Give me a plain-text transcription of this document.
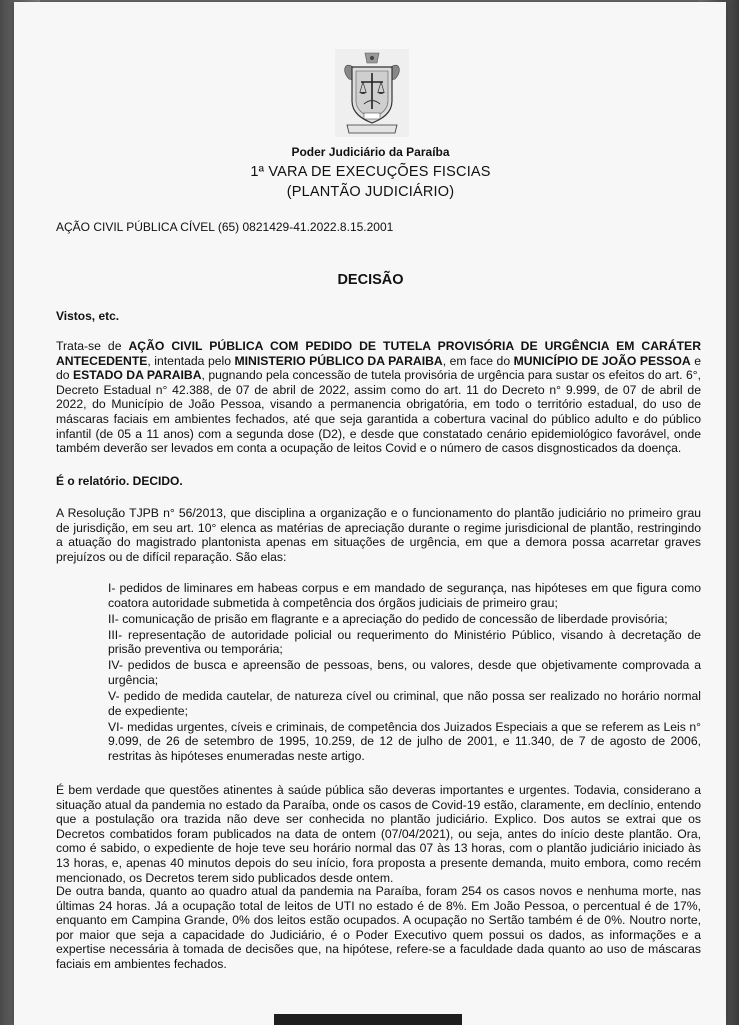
Poder Judiciário da Paraíba
1ª VARA DE EXECUÇÕES FISCIAS
(PLANTÃO JUDICIÁRIO)
AÇÃO CIVIL PÚBLICA CÍVEL (65) 0821429-41.2022.8.15.2001
DECISÃO
Vistos, etc.

Trata-se de AÇÃO CIVIL PÚBLICA COM PEDIDO DE TUTELA PROVISÓRIA DE URGÊNCIA EM CARÁTER ANTECEDENTE, intentada pelo MINISTERIO PÚBLICO DA PARAIBA, em face do MUNICÍPIO DE JOÃO PESSOA e do ESTADO DA PARAIBA, pugnando pela concessão de tutela provisória de urgência para sustar os efeitos do art. 6°, Decreto Estadual n° 42.388, de 07 de abril de 2022, assim como do art. 11 do Decreto n° 9.999, de 07 de abril de 2022, do Município de João Pessoa, visando a permanencia obrigatória, em todo o território estadual, do uso de máscaras faciais em ambientes fechados, até que seja garantida a cobertura vacinal do público adulto e do público infantil (de 05 a 11 anos) com a segunda dose (D2), e desde que constatado cenário epidemiológico favorável, onde também deverão ser levados em conta a ocupação de leitos Covid e o número de casos disgnosticados da doença.

É o relatório. DECIDO.

A Resolução TJPB n° 56/2013, que disciplina a organização e o funcionamento do plantão judiciário no primeiro grau de jurisdição, em seu art. 10° elenca as matérias de apreciação durante o regime jurisdicional de plantão, restringindo a atuação do magistrado plantonista apenas em situações de urgência, em que a demora possa acarretar graves prejuízos ou de difícil reparação. São elas:

I- pedidos de liminares em habeas corpus e em mandado de segurança, nas hipóteses em que figura como coatora autoridade submetida à competência dos órgãos judiciais de primeiro grau;
II- comunicação de prisão em flagrante e a apreciação do pedido de concessão de liberdade provisória;
III- representação de autoridade policial ou requerimento do Ministério Público, visando à decretação de prisão preventiva ou temporária;
IV- pedidos de busca e apreensão de pessoas, bens, ou valores, desde que objetivamente comprovada a urgência;
V- pedido de medida cautelar, de natureza cível ou criminal, que não possa ser realizado no horário normal de expediente;
VI- medidas urgentes, cíveis e criminais, de competência dos Juizados Especiais a que se referem as Leis n° 9.099, de 26 de setembro de 1995, 10.259, de 12 de julho de 2001, e 11.340, de 7 de agosto de 2006, restritas às hipóteses enumeradas neste artigo.

É bem verdade que questões atinentes à saúde pública são deveras importantes e urgentes. Todavia, considerano a situação atual da pandemia no estado da Paraíba, onde os casos de Covid-19 estão, claramente, em declínio, entendo que a postulação ora trazida não deve ser conhecida no plantão judiciário. Explico. Dos autos se extrai que os Decretos combatidos foram publicados na data de ontem (07/04/2021), ou seja, antes do início deste plantão. Ora, como é sabido, o expediente de hoje teve seu horário normal das 07 às 13 horas, com o plantão judiciário iniciado às 13 horas, e, apenas 40 minutos depois do seu início, fora proposta a presente demanda, muito embora, como recém mencionado, os Decretos terem sido publicados desde ontem.

De outra banda, quanto ao quadro atual da pandemia na Paraíba, foram 254 os casos novos e nenhuma morte, nas últimas 24 horas. Já a ocupação total de leitos de UTI no estado é de 8%. Em João Pessoa, o percentual é de 17%, enquanto em Campina Grande, 0% dos leitos estão ocupados. A ocupação no Sertão também é de 0%. Noutro norte, por maior que seja a capacidade do Judiciário, é o Poder Executivo quem possui os dados, as informações e a expertise necessária à tomada de decisões que, na hipótese, refere-se a faculdade dada quanto ao uso de máscaras faciais em ambientes fechados.
